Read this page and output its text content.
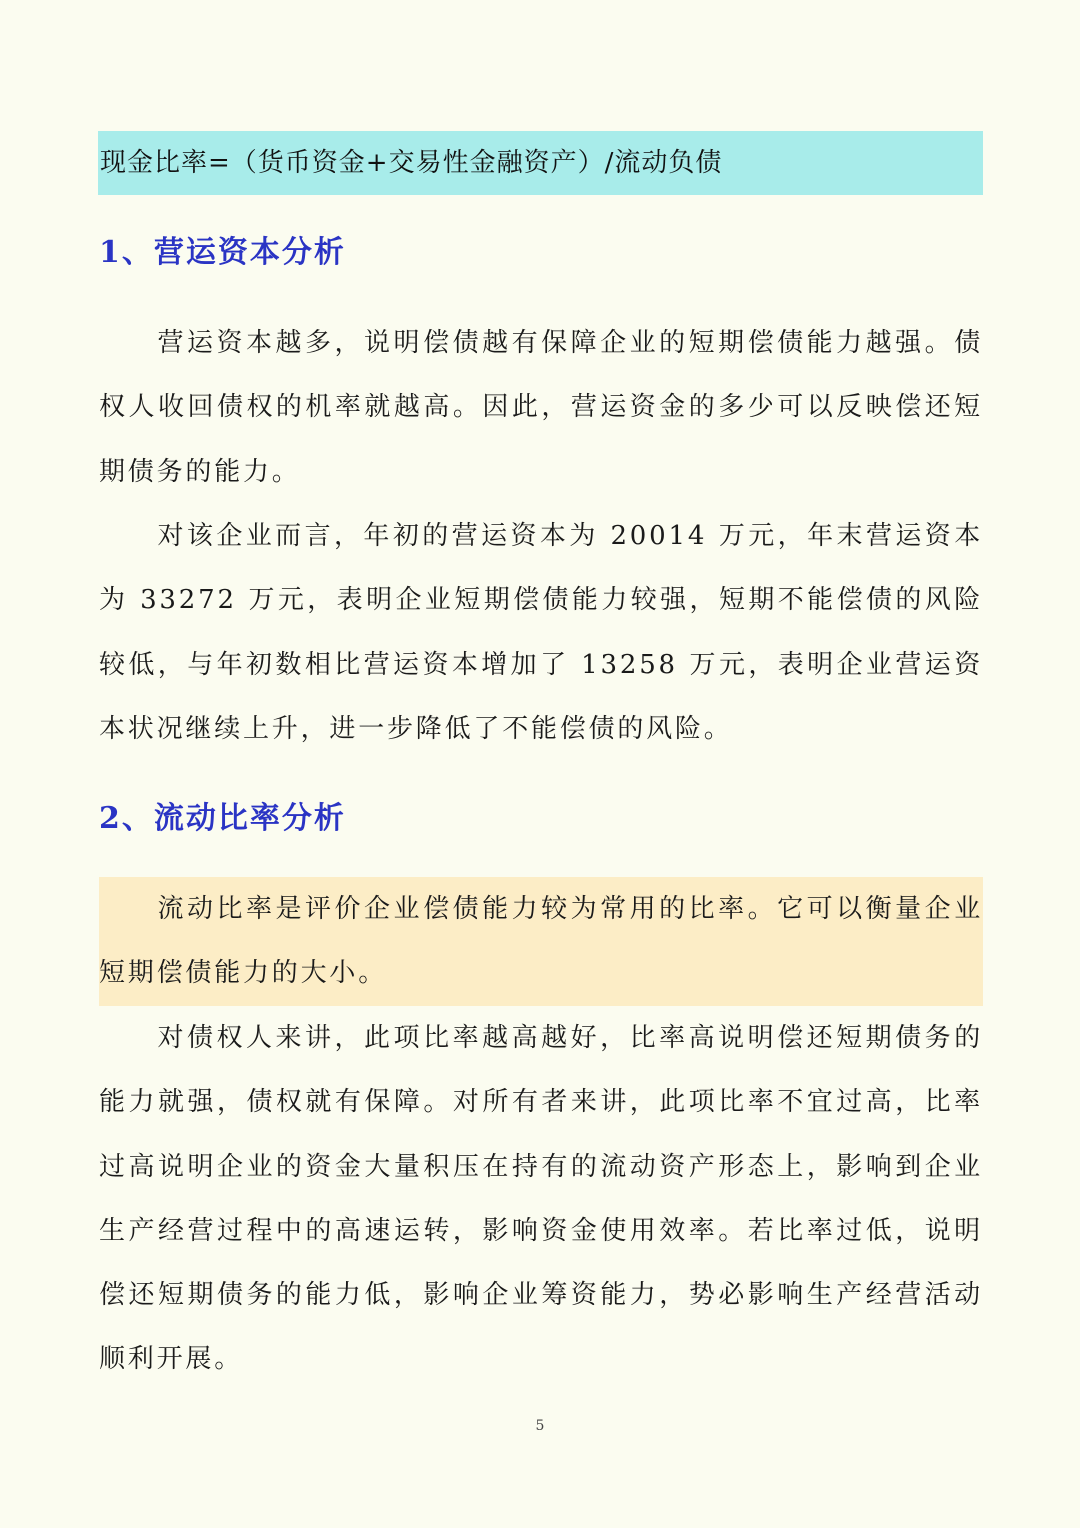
现金比率=（货币资金+交易性金融资产）/流动负债
1、营运资本分析

营运资本越多，说明偿债越有保障企业的短期偿债能力越强。债权人收回债权的机率就越高。因此，营运资金的多少可以反映偿还短期债务的能力。

对该企业而言，年初的营运资本为 20014 万元，年末营运资本为 33272 万元，表明企业短期偿债能力较强，短期不能偿债的风险较低，与年初数相比营运资本增加了 13258 万元，表明企业营运资本状况继续上升，进一步降低了不能偿债的风险。

2、流动比率分析

流动比率是评价企业偿债能力较为常用的比率。它可以衡量企业短期偿债能力的大小。

对债权人来讲，此项比率越高越好，比率高说明偿还短期债务的能力就强，债权就有保障。对所有者来讲，此项比率不宜过高，比率过高说明企业的资金大量积压在持有的流动资产形态上，影响到企业生产经营过程中的高速运转，影响资金使用效率。若比率过低，说明偿还短期债务的能力低，影响企业筹资能力，势必影响生产经营活动顺利开展。

5
